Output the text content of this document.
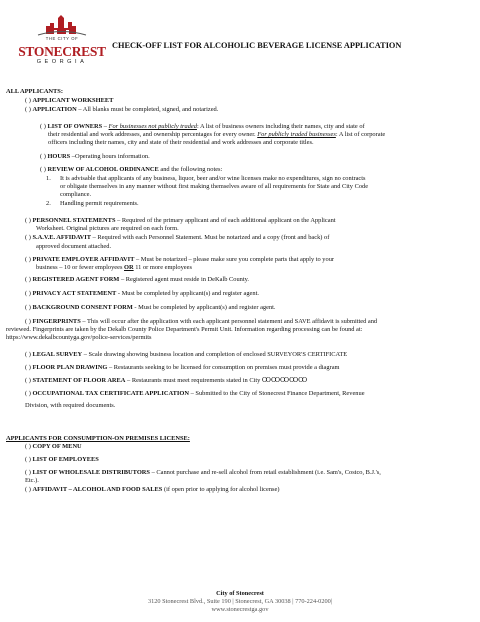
THE CITY OF
STONECREST
GEORGIA
CHECK-OFF LIST FOR ALCOHOLIC BEVERAGE LICENSE APPLICATION
ALL APPLICANTS:
( ) APPLICANT WORKSHEET
( ) APPLICATION – All blanks must be completed, signed, and notarized.
( ) LIST OF OWNERS – For businesses not publicly traded: A list of business owners including their names, city and state of
their residential and work addresses, and ownership percentages for every owner. For publicly traded businesses: A list of corporate
officers including their names, city and state of their residential and work addresses and corporate titles.
( ) HOURS –Operating hours information.
( ) REVIEW OF ALCOHOL ORDINANCE and the following notes:
1. It is advisable that applicants of any business, liquor, beer and/or wine licenses make no expenditures, sign no contracts
or obligate themselves in any manner without first making themselves aware of all requirements for State and City Code
compliance.
2. Handling permit requirements.
( ) PERSONNEL STATEMENTS – Required of the primary applicant and of each additional applicant on the Applicant
Worksheet. Original pictures are required on each form.
( ) S.A.V.E. AFFIDAVIT – Required with each Personnel Statement. Must be notarized and a copy (front and back) of
approved document attached.
( ) PRIVATE EMPLOYER AFFIDAVIT – Must be notarized – please make sure you complete parts that apply to your
business – 10 or fewer employees OR 11 or more employees
( ) REGISTERED AGENT FORM – Registered agent must reside in DeKalb County.
( ) PRIVACY ACT STATEMENT - Must be completed by applicant(s) and register agent.
( ) BACKGROUND CONSENT FORM - Must be completed by applicant(s) and register agent.
( ) FINGERPRINTS – This will occur after the application with each applicant personnel statement and SAVE affidavit is submitted and
reviewed. Fingerprints are taken by the Dekalb County Police Department's Permit Unit. Information regarding processing can be found at:
https://www.dekalbcountyga.gov/police-services/permits
( ) LEGAL SURVEY – Scale drawing showing business location and completion of enclosed SURVEYOR'S CERTIFICATE
( ) FLOOR PLAN DRAWING – Restaurants seeking to be licensed for consumption on premises must provide a diagram
( ) STATEMENT OF FLOOR AREA – Restaurants must meet requirements stated in City ꝎꝎꝎꝎꝎ
( ) OCCUPATIONAL TAX CERTIFICATE APPLICATION – Submitted to the City of Stonecrest Finance Department, Revenue
Division, with required documents.
APPLICANTS FOR CONSUMPTION-ON PREMISES LICENSE:
( ) COPY OF MENU
( ) LIST OF EMPLOYEES
( ) LIST OF WHOLESALE DISTRIBUTORS – Cannot purchase and re-sell alcohol from retail establishment (i.e. Sam's, Costco, B.J.'s,
Etc.).
( ) AFFIDAVIT – ALCOHOL AND FOOD SALES (if open prior to applying for alcohol license)
City of Stonecrest
3120 Stonecrest Blvd., Suite 190 | Stonecrest, GA 30038 | 770-224-0200|
www.stonecrestga.gov
